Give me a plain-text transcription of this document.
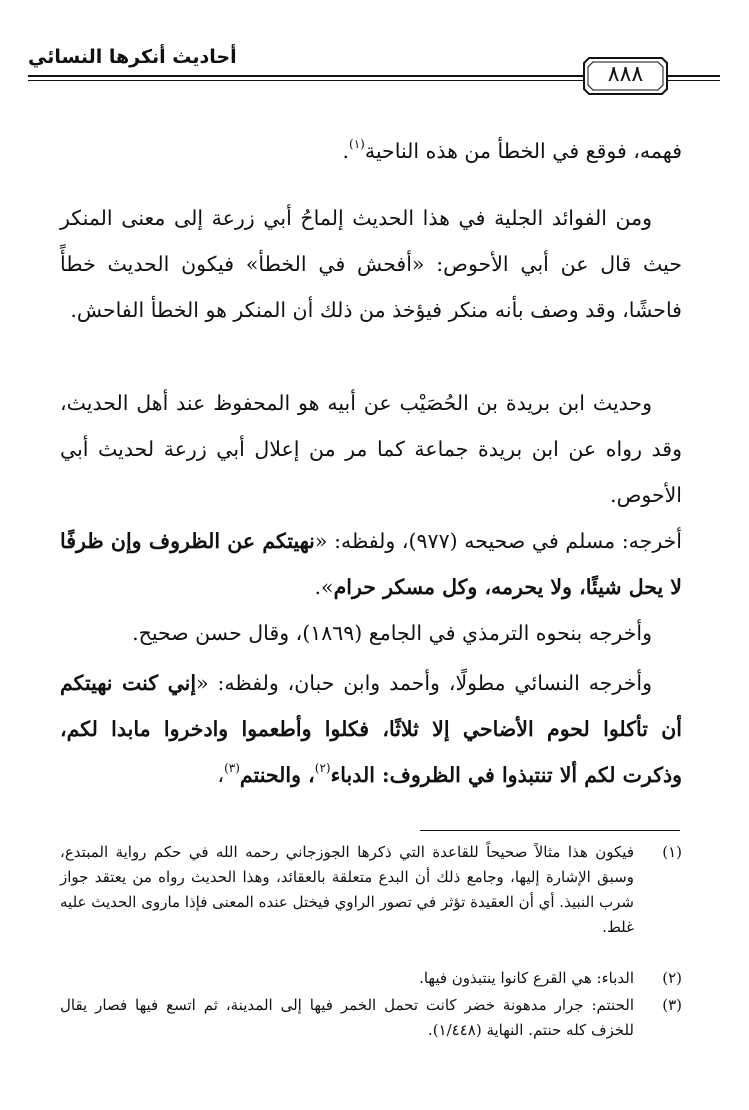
أحاديث أنكرها النسائي
٨٨٨
فهمه، فوقع في الخطأ من هذه الناحية$^{(١)}$.
ومن الفوائد الجلية في هذا الحديث إلماحُ أبي زرعة إلى معنى المنكر حيث قال عن أبي الأحوص: «أفحش في الخطأ» فيكون الحديث خطأً فاحشًا، وقد وصف بأنه منكر فيؤخذ من ذلك أن المنكر هو الخطأ الفاحش.
وحديث ابن بريدة بن الحُصَيْب عن أبيه هو المحفوظ عند أهل الحديث، وقد رواه عن ابن بريدة جماعة كما مر من إعلال أبي زرعة لحديث أبي الأحوص.
أخرجه: مسلم في صحيحه (٩٧٧)، ولفظه: «نهيتكم عن الظروف وإن ظرفًا لا يحل شيئًا، ولا يحرمه، وكل مسكر حرام».
وأخرجه بنحوه الترمذي في الجامع (١٨٦٩)، وقال حسن صحيح.
وأخرجه النسائي مطولًا، وأحمد وابن حبان، ولفظه: «إني كنت نهيتكم أن تأكلوا لحوم الأضاحي إلا ثلاثًا، فكلوا وأطعموا وادخروا مابدا لكم، وذكرت لكم ألا تنتبذوا في الظروف: الدباء$^{(٢)}$، والحنتم$^{(٣)}$،
(١)
فيكون هذا مثالاً صحيحاً للقاعدة التي ذكرها الجوزجاني رحمه الله في حكم رواية المبتدع، وسبق الإشارة إليها، وجامع ذلك أن البدع متعلقة بالعقائد، وهذا الحديث رواه من يعتقد جواز شرب النبيذ. أي أن العقيدة تؤثر في تصور الراوي فيختل عنده المعنى فإذا ماروى الحديث عليه غلط.
(٢)
الدباء: هي القرع كانوا ينتبذون فيها.
(٣)
الحنتم: جرار مدهونة خضر كانت تحمل الخمر فيها إلى المدينة، ثم اتسع فيها فصار يقال للخزف كله حنتم. النهاية (١/٤٤٨).
